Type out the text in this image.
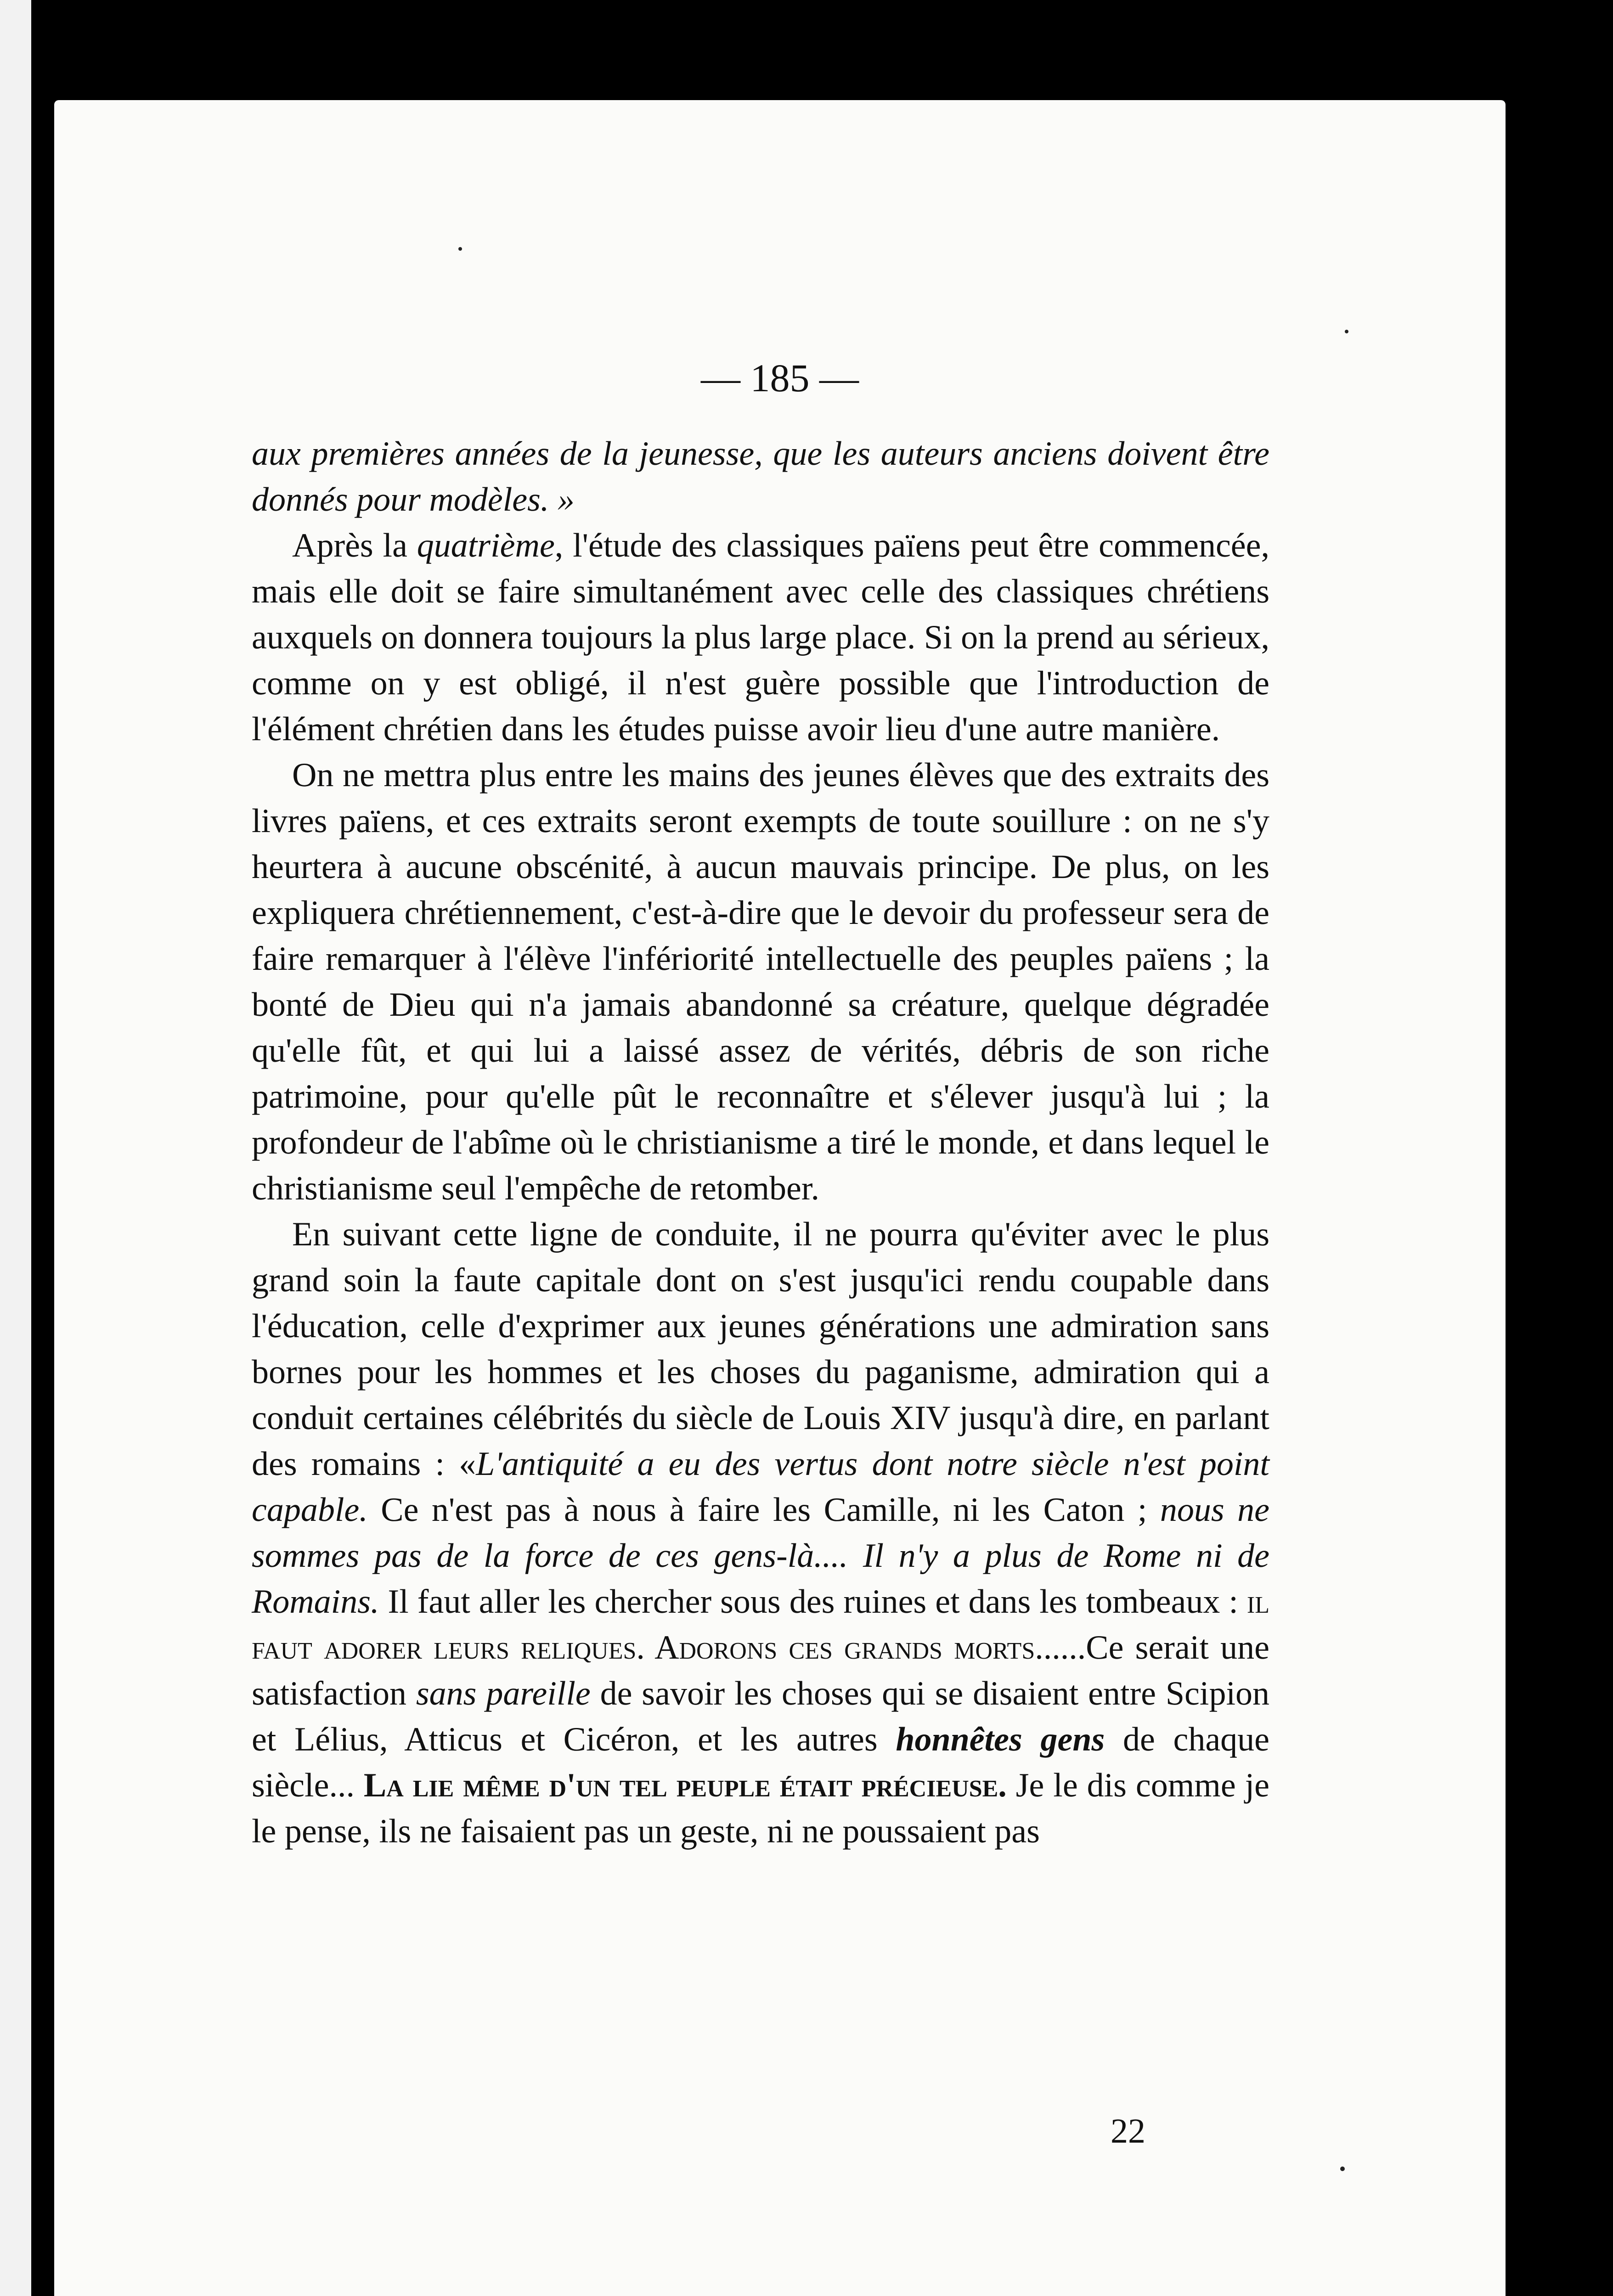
— 185 —

aux premières années de la jeunesse, que les auteurs anciens doivent être donnés pour modèles. »

Après la quatrième, l'étude des classiques païens peut être commencée, mais elle doit se faire simultanément avec celle des classiques chrétiens auxquels on donnera toujours la plus large place. Si on la prend au sérieux, comme on y est obligé, il n'est guère possible que l'introduction de l'élément chrétien dans les études puisse avoir lieu d'une autre manière.

On ne mettra plus entre les mains des jeunes élèves que des extraits des livres païens, et ces extraits seront exempts de toute souillure : on ne s'y heurtera à aucune obscénité, à aucun mauvais principe. De plus, on les expliquera chrétiennement, c'est-à-dire que le devoir du professeur sera de faire remarquer à l'élève l'infériorité intellectuelle des peuples païens ; la bonté de Dieu qui n'a jamais abandonné sa créature, quelque dégradée qu'elle fût, et qui lui a laissé assez de vérités, débris de son riche patrimoine, pour qu'elle pût le reconnaître et s'élever jusqu'à lui ; la profondeur de l'abîme où le christianisme a tiré le monde, et dans lequel le christianisme seul l'empêche de retomber.

En suivant cette ligne de conduite, il ne pourra qu'éviter avec le plus grand soin la faute capitale dont on s'est jusqu'ici rendu coupable dans l'éducation, celle d'exprimer aux jeunes générations une admiration sans bornes pour les hommes et les choses du paganisme, admiration qui a conduit certaines célébrités du siècle de Louis XIV jusqu'à dire, en parlant des romains : «L'antiquité a eu des vertus dont notre siècle n'est point capable. Ce n'est pas à nous à faire les Camille, ni les Caton ; nous ne sommes pas de la force de ces gens-là.... Il n'y a plus de Rome ni de Romains. Il faut aller les chercher sous des ruines et dans les tombeaux : il faut adorer leurs reliques. Adorons ces grands morts......Ce serait une satisfaction sans pareille de savoir les choses qui se disaient entre Scipion et Lélius, Atticus et Cicéron, et les autres honnêtes gens de chaque siècle... La lie même d'un tel peuple était précieuse. Je le dis comme je le pense, ils ne faisaient pas un geste, ni ne poussaient pas

22
